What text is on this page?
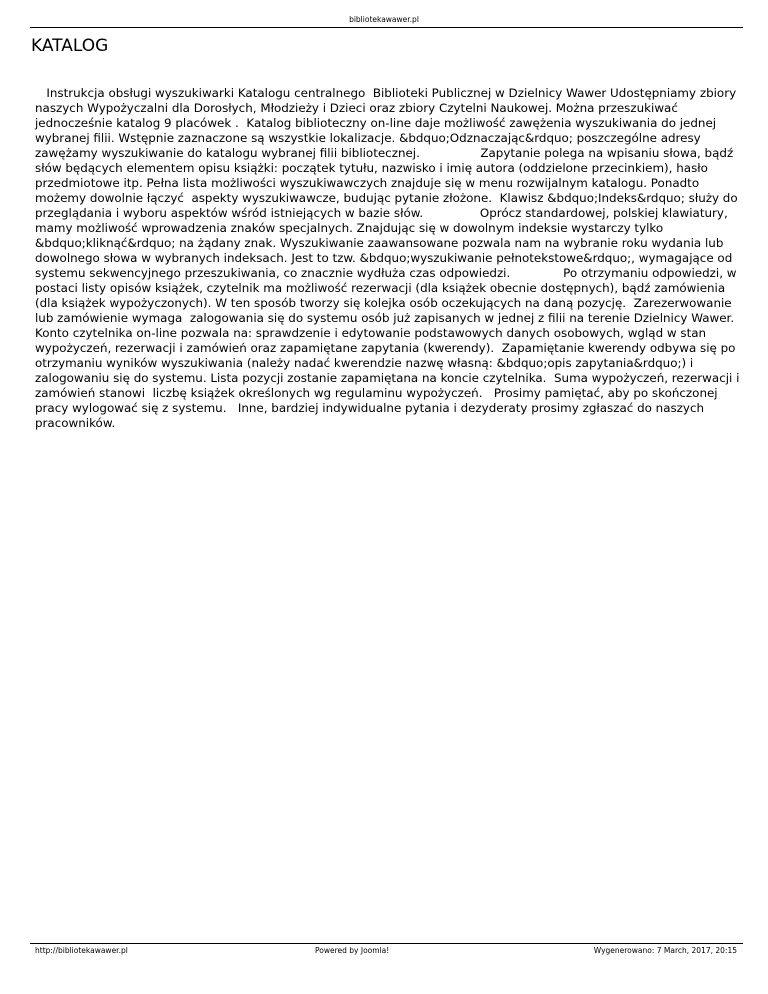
bibliotekawawer.pl
KATALOG
Instrukcja obsługi wyszukiwarki Katalogu centralnego  Biblioteki Publicznej w Dzielnicy Wawer Udostępniamy zbiory naszych Wypożyczalni dla Dorosłych, Młodzieży i Dzieci oraz zbiory Czytelni Naukowej. Można przeszukiwać jednocześnie katalog 9 placówek .  Katalog biblioteczny on-line daje możliwość zawężenia wyszukiwania do jednej wybranej filii. Wstępnie zaznaczone są wszystkie lokalizacje. &bdquo;Odznaczając&rdquo; poszczególne adresy zawężamy wyszukiwanie do katalogu wybranej filii bibliotecznej.                Zapytanie polega na wpisaniu słowa, bądź słów będących elementem opisu książki: początek tytułu, nazwisko i imię autora (oddzielone przecinkiem), hasło przedmiotowe itp. Pełna lista możliwości wyszukiwawczych znajduje się w menu rozwijalnym katalogu. Ponadto możemy dowolnie łączyć  aspekty wyszukiwawcze, budując pytanie złożone.  Klawisz &bdquo;Indeks&rdquo; służy do przeglądania i wyboru aspektów wśród istniejących w bazie słów.               Oprócz standardowej, polskiej klawiatury, mamy możliwość wprowadzenia znaków specjalnych. Znajdując się w dowolnym indeksie wystarczy tylko &bdquo;kliknąć&rdquo; na żądany znak. Wyszukiwanie zaawansowane pozwala nam na wybranie roku wydania lub dowolnego słowa w wybranych indeksach. Jest to tzw. &bdquo;wyszukiwanie pełnotekstowe&rdquo;, wymagające od systemu sekwencyjnego przeszukiwania, co znacznie wydłuża czas odpowiedzi.              Po otrzymaniu odpowiedzi, w postaci listy opisów książek, czytelnik ma możliwość rezerwacji (dla książek obecnie dostępnych), bądź zamówienia (dla książek wypożyczonych). W ten sposób tworzy się kolejka osób oczekujących na daną pozycję.  Zarezerwowanie lub zamówienie wymaga  zalogowania się do systemu osób już zapisanych w jednej z filii na terenie Dzielnicy Wawer.  Konto czytelnika on-line pozwala na: sprawdzenie i edytowanie podstawowych danych osobowych, wgląd w stan wypożyczeń, rezerwacji i zamówień oraz zapamiętane zapytania (kwerendy).  Zapamiętanie kwerendy odbywa się po otrzymaniu wyników wyszukiwania (należy nadać kwerendzie nazwę własną: &bdquo;opis zapytania&rdquo;) i zalogowaniu się do systemu. Lista pozycji zostanie zapamiętana na koncie czytelnika.  Suma wypożyczeń, rezerwacji i zamówień stanowi  liczbę książek określonych wg regulaminu wypożyczeń.   Prosimy pamiętać, aby po skończonej pracy wylogować się z systemu.   Inne, bardziej indywidualne pytania i dezyderaty prosimy zgłaszać do naszych pracowników.
http://bibliotekawawer.pl	Powered by Joomla!	Wygenerowano: 7 March, 2017, 20:15
